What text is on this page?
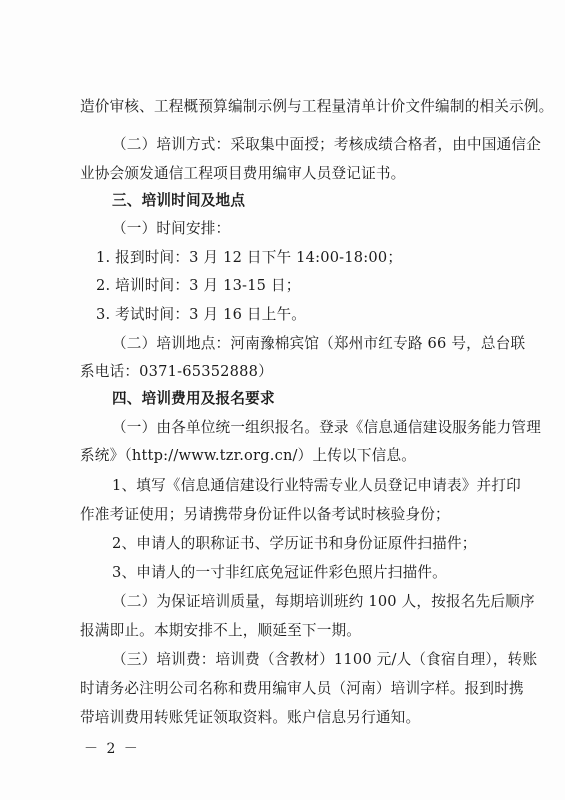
造价审核、工程概预算编制示例与工程量清单计价文件编制的相关示例。
（二）培训方式：采取集中面授；考核成绩合格者，由中国通信企
业协会颁发通信工程项目费用编审人员登记证书。
三、培训时间及地点
（一）时间安排：
1. 报到时间：3 月 12 日下午 14:00-18:00；
2. 培训时间：3 月 13-15 日；
3. 考试时间：3 月 16 日上午。
（二）培训地点：河南豫棉宾馆（郑州市红专路 66 号，总台联
系电话：0371-65352888）
四、培训费用及报名要求
（一）由各单位统一组织报名。登录《信息通信建设服务能力管理
系统》（http://www.tzr.org.cn/）上传以下信息。
1、填写《信息通信建设行业特需专业人员登记申请表》并打印
作准考证使用；另请携带身份证件以备考试时核验身份；
2、申请人的职称证书、学历证书和身份证原件扫描件；
3、申请人的一寸非红底免冠证件彩色照片扫描件。
（二）为保证培训质量，每期培训班约 100 人，按报名先后顺序
报满即止。本期安排不上，顺延至下一期。
（三）培训费：培训费（含教材）1100 元/人（食宿自理），转账
时请务必注明公司名称和费用编审人员（河南）培训字样。报到时携
带培训费用转账凭证领取资料。账户信息另行通知。
－ 2 －
